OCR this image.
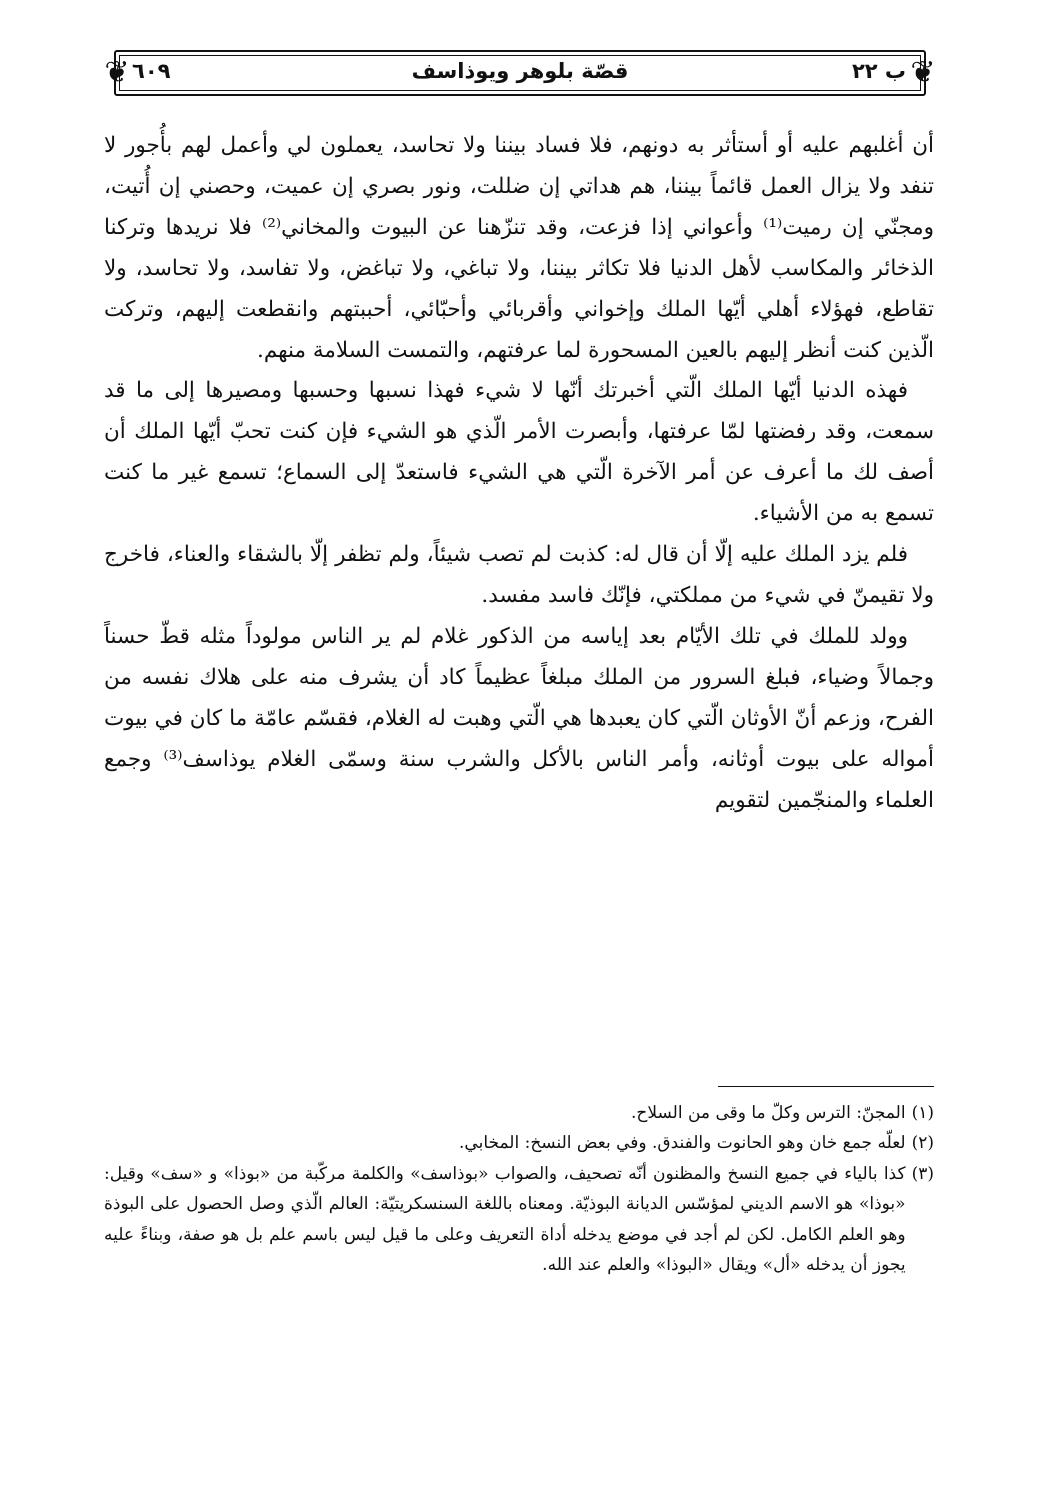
❦	❦
٦٠٩	قصّة بلوهر ويوذاسف	ب ٢٢

أن أغلبهم عليه أو أستأثر به دونهم، فلا فساد بيننا ولا تحاسد، يعملون لي وأعمل لهم بأُجور لا تنفد ولا يزال العمل قائماً بيننا، هم هداتي إن ضللت، ونور بصري إن عميت، وحصني إن أُتيت، ومجنّي إن رميت⁽¹⁾ وأعواني إذا فزعت، وقد تنزّهنا عن البيوت والمخاني⁽²⁾ فلا نريدها وتركنا الذخائر والمكاسب لأهل الدنيا فلا تكاثر بيننا، ولا تباغي، ولا تباغض، ولا تفاسد، ولا تحاسد، ولا تقاطع، فهؤلاء أهلي أيّها الملك وإخواني وأقربائي وأحبّائي، أحببتهم وانقطعت إليهم، وتركت الّذين كنت أنظر إليهم بالعين المسحورة لما عرفتهم، والتمست السلامة منهم.

فهذه الدنيا أيّها الملك الّتي أخبرتك أنّها لا شيء فهذا نسبها وحسبها ومصيرها إلى ما قد سمعت، وقد رفضتها لمّا عرفتها، وأبصرت الأمر الّذي هو الشيء فإن كنت تحبّ أيّها الملك أن أصف لك ما أعرف عن أمر الآخرة الّتي هي الشيء فاستعدّ إلى السماع؛ تسمع غير ما كنت تسمع به من الأشياء.

فلم يزد الملك عليه إلّا أن قال له: كذبت لم تصب شيئاً، ولم تظفر إلّا بالشقاء والعناء، فاخرج ولا تقيمنّ في شيء من مملكتي، فإنّك فاسد مفسد.

وولد للملك في تلك الأيّام بعد إياسه من الذكور غلام لم ير الناس مولوداً مثله قطّ حسناً وجمالاً وضياء، فبلغ السرور من الملك مبلغاً عظيماً كاد أن يشرف منه على هلاك نفسه من الفرح، وزعم أنّ الأوثان الّتي كان يعبدها هي الّتي وهبت له الغلام، فقسّم عامّة ما كان في بيوت أمواله على بيوت أوثانه، وأمر الناس بالأكل والشرب سنة وسمّى الغلام يوذاسف⁽³⁾ وجمع العلماء والمنجّمين لتقويم

(١)
المجنّ: الترس وكلّ ما وقى من السلاح.

(٢)
لعلّه جمع خان وهو الحانوت والفندق. وفي بعض النسخ: المخابي.

(٣)
كذا بالياء في جميع النسخ والمظنون أنّه تصحيف، والصواب «بوذاسف» والكلمة مركّبة من «بوذا» و «سف» وقيل: «بوذا» هو الاسم الديني لمؤسّس الديانة البوذيّة. ومعناه باللغة السنسكريتيّة: العالم الّذي وصل الحصول على البوذة وهو العلم الكامل. لكن لم أجد في موضع يدخله أداة التعريف وعلى ما قيل ليس باسم علم بل هو صفة، وبناءً عليه يجوز أن يدخله «أل» ويقال «البوذا» والعلم عند الله.
